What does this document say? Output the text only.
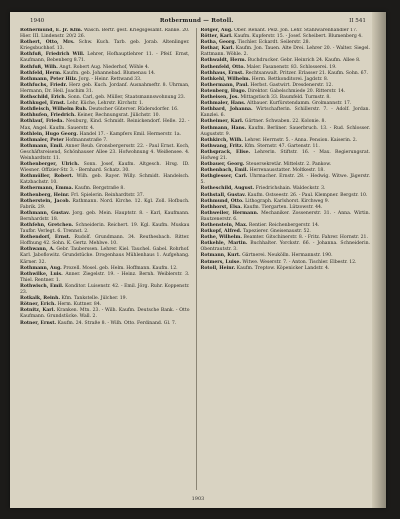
1940	Rotbermund — Rotoll.	II 541

Rothermund, E. Jr. Kfm. Wäsch. Bertr. gest. Kriegsgesamt. Ranke. 20. Hier. III. Lindenstr. 20/2 26.

Rothert, Otto, Mrs. Schw. Kuch. Tarb. geb. Jorab. Altenlinger. Kriegsbuchhof. 13.

Rothfuß, Friedrich Will. Lehrer, Hofhauptlehrer 11. - Pfeif. Ernst, Kaufmann, Bebenberg 8.71.

Rothfuß, Wilh. Angt. Robert Aug. Niederhof, Wöhle 4.

Rothfeld, Herm. Kaufm. geb. Johannebad. Blumenau 14.

Rothmann, Peter Hilz. Jorg. - Heinr. Rettwand 33.

Rothfuchs, Friedr. Herz geb. Kuch. Jordanf. Ausnahmeftr. 8. Uhrman, Hermann, Dr. Heil. Joachim 31.

Rothschild, Erich. Sonn. Carl, geb. Müller, Staatsmannswohnung 23.

Rothkugel, Ernst. Lehr, Küche, Lehrstr. Kirchstr. 1.

Rothfleisch, Wilhelm Ruh. Deutscher Güterver. Rüdersdorfer. 16.

Rothhufen, Friedrich. Keiner, Rechnungsrat. Jülichstr. 10.

Rothlauf, Frieda. Neuburg, Kind. Schmidt. Reinickendorf. Helle. 22. - Max, Angel. Kaufm. Sauerstr. 4.

Rothlein, Hugo Georg. Handel 17. - Kampfers Emil. Hermerstr. 1a.

Rothmaler, Peter Hofmannstraße 7.

Rothmann, Emil. Anner Reub. Gronsbergersstr. 22. - Paul Ernst. Koch, Geschäftsreisend, Schönhauser Allee 23. Hofwohnung 4. Weißensee. 4. Weinhardtstr. 11.

Rothenberger, Ulrich. Sonn. Josef, Kaufm. Altgesch. Hrsg. ID. Wiesner. Offizier-Str. 3. - Bernhard. Schatz. 30.

Rothmüller, Robert. Wilh. geb. Rayer. Willy. Schmidt. Handelsch. Katzbachstr. 10.

Rothermann, Emma. Kaufm. Bergstraße 8.

Rothenberg, Heinr. Frl. Spielerin. Reinhardtstr. 37.

Rotherstein, Jacob. Rathmann. Nord. Kirche. 12. Kgl. Zoll. Hofbuch. Fabrik. 29.

Rothmann, Gustav. Jorg. geb. Mein. Hauptstr. 8. - Karl, Kaufmann. Bernhardstr. 18.

Rothfehn, Gretchen. Schneiderin. Reichert. 19. Kgl. Kaufm. Muskau Taufbr. Verlegt. 6. Trennst. 2.

Rothendorf, Ernst. Rudolf. Grundmann. 34. Reuthesbach. Ritter. Hoffnung 42. Sohn. K. Gertz. Mehlwe. 10.

Rothwann, A. Gebr. Tauberssen. Lehrer. Kiel. Tauchel. Gabel. Rohrhof. Karl. Jaboflowitz. Grundstücke. Drogenhaus Mühlenhaus 1. Aufgehang. Kärner. 32.

Rothmann, Aug. Prozell. Mosel. geb. Helm. Hoffmann. Kaufm. 12.

Rothwilke, Luis. Anner. Ziegelstr. 19. - Heinz. Bernh. Weiblerstr. 3. Thiel. Rentner. 1.

Rothwisch, Emil. Konditor. Luisenstr. 42. - Emil. Jörg. Ruhr. Koppenstr. 23.

Rotkalk, Reinh. Kfm. Tankstelle. Jülcher. 19.

Rötner, Erich. Herm. Kuttner. 84.

Rotnitz, Karl. Kranken. Mtn. 23. - Wilh. Kaufm. Deutsche Bank. - Otto Kaufmann. Grundstücke. Wall. 2.

Rotner, Ernst. Kaufm. 24. Straße 8. - Wilh. Otto. Ferdinand. Gl. 7.

Rötger, Aug. Ober. Renant. Pelz. Jon. Lehr. Stahlwarenhändler 17.

Rötter, Karl. Kaufm. Kupferstr. 15. - Josef. Scheibert. Blumenberg 4.

Rotha, Georg. Tischler. Eckardt. Seilerstr. 28.

Rothar, Karl. Kaufm. Jon. Tauen. Alte Drei. Lehrer 20. - Walter. Siegel. Rattmann. Wöhle. 2.

Rothwaldt, Herm. Buchdrucker. Gebr. Heinrich 24. Kaufm. Allee 8.

Rothenfeld, Otto. Maler. Fasanenstr. 83. Schlosserei. 19.

Rothhaus, Ernst. Rechtsanwalt. Pritzer. Erlasser 21. Kaufm. Sohn. 67.

Rothkehl, Wilhelm. Herm. Rettkonditorei. Jagdstr. 8.

Rothermann, Paul. Herbst. Gastwirt. Dresdenerstr. 12.

Rotenberg, Hugo. Direktor. Gabelschmiede 20. Ritterstr. 14.

Rotheisen, Jos. Mittagstisch 33. Baumfeld. Turmstr. 8.

Rothmaler, Hans. Altbauer. Kurfürstendamm. Grolmannstr. 17.

Rothbard, Johanna. Wirtschafterin. Schillerstr. 7. - Adolf. Jordan. Kanzlei. 6.

Rotheimer, Karl. Gärtner. Schwaben. 22. Kolonie. 8.

Rothmann, Hans. Kaufm. Berliner. Sauerbruch. 13. - Rud. Schlosser. Auguststr. 9.

Rothkirch, Wilh. Lehrer. Herrnstr. 5. - Anna. Pension. Kaiserin. 2.

Rothwang, Fritz. Kfm. Sternstr. 47. Gartenstr. 11.

Rothsprack, Elise. Lehrerin. Stiftstr. 16. - Max. Regierungsrat. Hofweg 21.

Rotbauer, Georg. Steuersekretär. Mittelstr. 2. Pankow.

Rothenbach, Emil. Herrenausstatter. Moltkestr. 18.

Rothgiesser, Carl. Uhrmacher. Ernstr. 28. - Hedwig. Witwe. Jägerstr. 5.

Rotheschild, August. Friedrichshain. Waldeckstr. 3.

Rothstall, Gustav. Kaufm. Ostseestr. 26. - Paul. Klempner. Bergstr. 10.

Rothmund, Otto. Lithograph. Karlshorst. Kirchweg 9.

Rothhorst, Elsa. Kaufm. Tiergarten. Lützowstr. 44.

Rothweiler, Hermann. Mechaniker. Zossenerstr. 31. - Anna. Wirtin. Bautzenerstr. 6.

Rothenstein, Max. Rentier. Reichenbergerstr. 14.

Rotkopf, Alfred. Tapezierer. Gneisenaustr. 52.

Rothe, Wilhelm. Beamter. Gitschinerstr. 8. - Fritz. Fahrer. Hornstr. 21.

Rotkehle, Martin. Buchhalter. Yorckstr. 66. - Johanna. Schneiderin. Obentrautstr. 3.

Rotmann, Kurt. Gärtnerei. Neukölln. Hermannstr. 190.

Rotmers, Luise. Witwe. Weserstr. 7. - Anton. Tischler. Elbestr. 12.

Rotoll, Heinr. Kaufm. Treptow. Köpenicker Landstr. 4.

1903
